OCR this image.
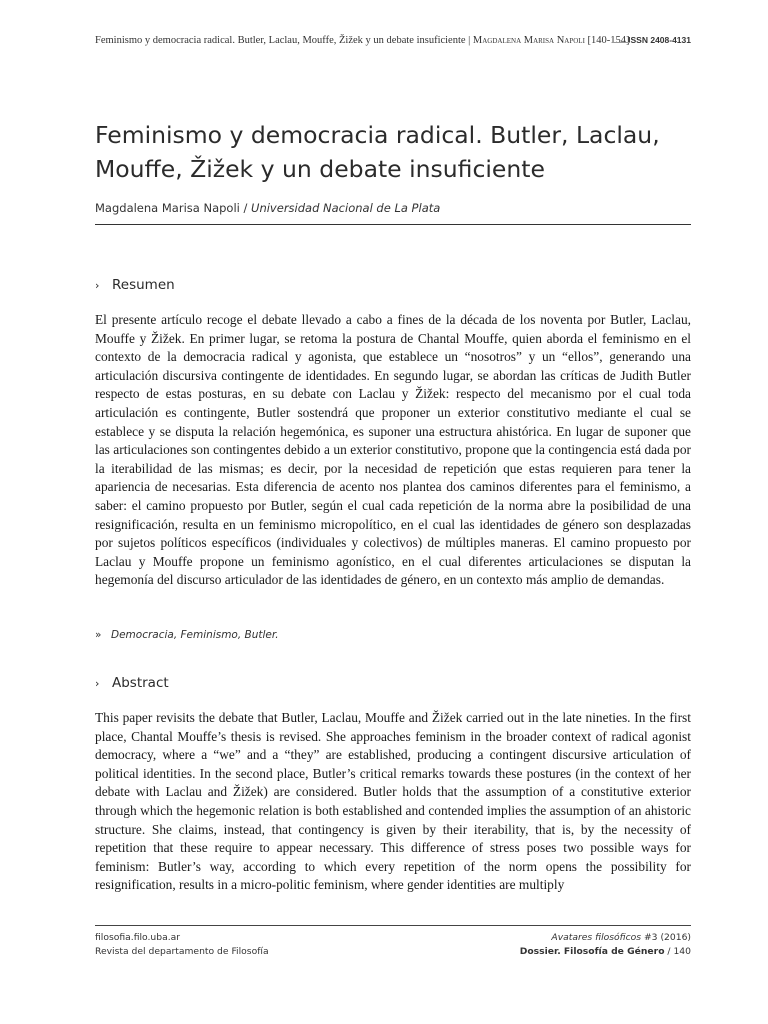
Feminismo y democracia radical. Butler, Laclau, Mouffe, Žižek y un debate insuficiente | Magdalena Marisa Napoli [140-154]
ISSN 2408-4131
Feminismo y democracia radical. Butler, Laclau, Mouffe, Žižek y un debate insuficiente
Magdalena Marisa Napoli / Universidad Nacional de La Plata
› Resumen

El presente artículo recoge el debate llevado a cabo a fines de la década de los noventa por Butler, Laclau, Mouffe y Žižek. En primer lugar, se retoma la postura de Chantal Mouffe, quien aborda el feminismo en el contexto de la democracia radical y agonista, que establece un “nosotros” y un “ellos”, generando una articulación discursiva contingente de identidades. En segundo lugar, se abordan las críticas de Judith Butler respecto de estas posturas, en su debate con Laclau y Žižek: respecto del mecanismo por el cual toda articulación es contingente, Butler sostendrá que proponer un exterior constitutivo mediante el cual se establece y se disputa la relación hegemónica, es suponer una estructura ahistórica. En lugar de suponer que las articulaciones son contingentes debido a un exterior constitutivo, propone que la contingencia está dada por la iterabilidad de las mismas; es decir, por la necesidad de repetición que estas requieren para tener la apariencia de necesarias. Esta diferencia de acento nos plantea dos caminos diferentes para el feminismo, a saber: el camino propuesto por Butler, según el cual cada repetición de la norma abre la posibilidad de una resignificación, resulta en un feminismo micropolítico, en el cual las identidades de género son desplazadas por sujetos políticos específicos (individuales y colectivos) de múltiples maneras. El camino propuesto por Laclau y Mouffe propone un feminismo agonístico, en el cual diferentes articulaciones se disputan la hegemonía del discurso articulador de las identidades de género, en un contexto más amplio de demandas.

» Democracia, Feminismo, Butler.
› Abstract

This paper revisits the debate that Butler, Laclau, Mouffe and Žižek carried out in the late nineties. In the first place, Chantal Mouffe’s thesis is revised. She approaches feminism in the broader context of radical agonist democracy, where a “we” and a “they” are established, producing a contingent discursive articulation of political identities. In the second place, Butler’s critical remarks towards these postures (in the context of her debate with Laclau and Žižek) are considered. Butler holds that the assumption of a constitutive exterior through which the hegemonic relation is both established and contended implies the assumption of an ahistoric structure. She claims, instead, that contingency is given by their iterability, that is, by the necessity of repetition that these require to appear necessary. This difference of stress poses two possible ways for feminism: Butler’s way, according to which every repetition of the norm opens the possibility for resignification, results in a micro-politic feminism, where gender identities are multiply

filosofia.filo.uba.ar
Revista del departamento de Filosofía
Avatares filosóficos #3 (2016)
Dossier. Filosofía de Género / 140
